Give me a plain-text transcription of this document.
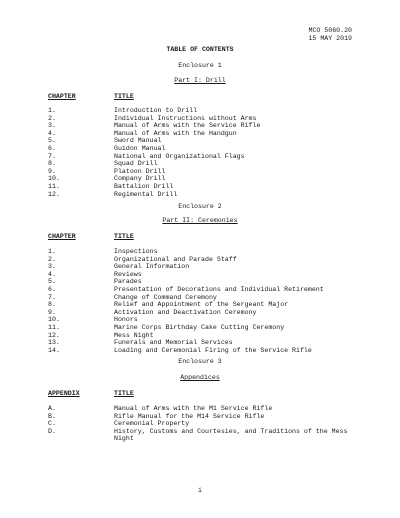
MCO 5060.20
15 MAY 2019
TABLE OF CONTENTS
Enclosure 1
Part I: Drill
CHAPTER	TITLE
1.	Introduction to Drill
2.	Individual Instructions without Arms
3.	Manual of Arms with the Service Rifle
4.	Manual of Arms with the Handgun
5.	Sword Manual
6.	Guidon Manual
7.	National and Organizational Flags
8.	Squad Drill
9.	Platoon Drill
10.	Company Drill
11.	Battalion Drill
12.	Regimental Drill
Enclosure 2
Part II: Ceremonies
CHAPTER	TITLE
1.	Inspections
2.	Organizational and Parade Staff
3.	General Information
4.	Reviews
5.	Parades
6.	Presentation of Decorations and Individual Retirement
7.	Change of Command Ceremony
8.	Relief and Appointment of the Sergeant Major
9.	Activation and Deactivation Ceremony
10.	Honors
11.	Marine Corps Birthday Cake Cutting Ceremony
12.	Mess Night
13.	Funerals and Memorial Services
14.	Loading and Ceremonial Firing of the Service Rifle
Enclosure 3
Appendices
APPENDIX	TITLE
A.	Manual of Arms with the M1 Service Rifle
B.	Rifle Manual for the M14 Service Rifle
C.	Ceremonial Property
D.	History, Customs and Courtesies, and Traditions of the Mess Night
i
